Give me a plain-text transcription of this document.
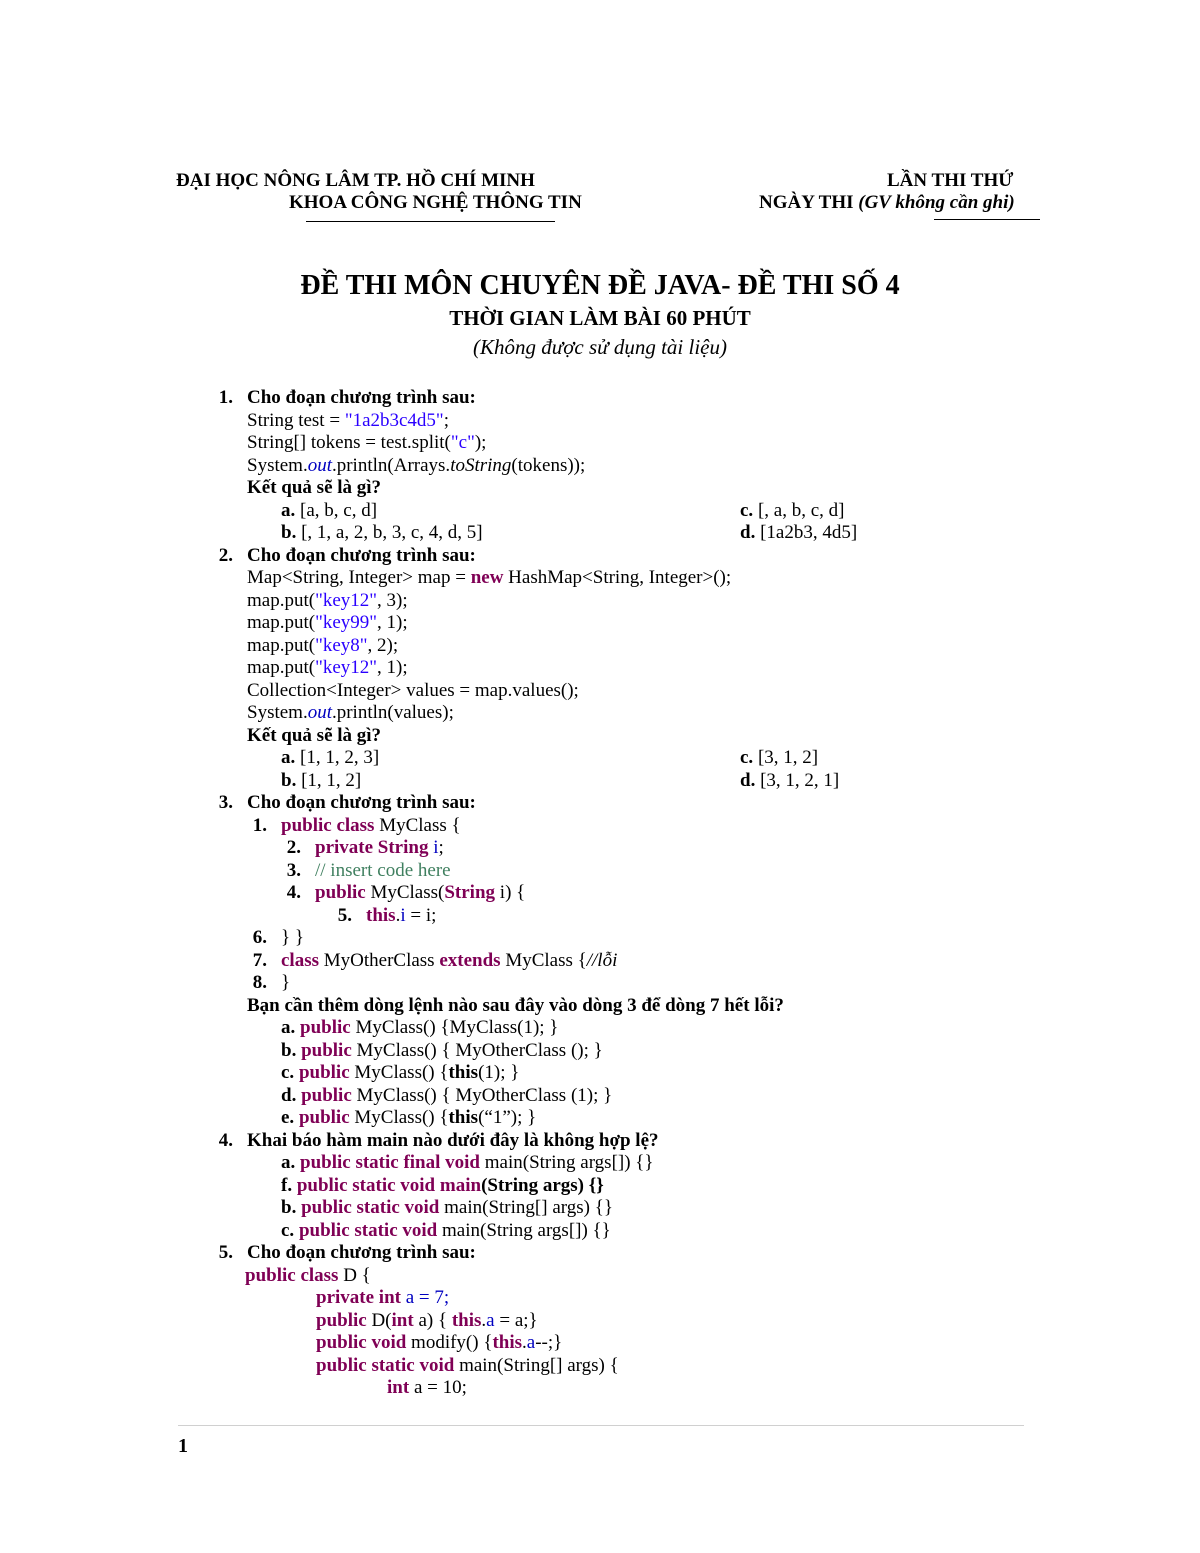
ĐẠI HỌC NÔNG LÂM TP. HỒ CHÍ MINH
KHOA CÔNG NGHỆ THÔNG TIN
LẦN THI THỨ
NGÀY THI (GV không cần ghi)
ĐỀ THI MÔN CHUYÊN ĐỀ JAVA- ĐỀ THI SỐ 4
THỜI GIAN LÀM BÀI 60 PHÚT
(Không được sử dụng tài liệu)
1. Cho đoạn chương trình sau:
String test = "1a2b3c4d5";
String[] tokens = test.split("c");
System.out.println(Arrays.toString(tokens));
Kết quả sẽ là gì?
a. [a, b, c, d]	c. [, a, b, c, d]
b. [, 1, a, 2, b, 3, c, 4, d, 5]	d. [1a2b3, 4d5]
2. Cho đoạn chương trình sau:
Map<String, Integer> map = new HashMap<String, Integer>();
map.put("key12", 3);
map.put("key99", 1);
map.put("key8", 2);
map.put("key12", 1);
Collection<Integer> values = map.values();
System.out.println(values);
Kết quả sẽ là gì?
a. [1, 1, 2, 3]	c. [3, 1, 2]
b. [1, 1, 2]	d. [3, 1, 2, 1]
3. Cho đoạn chương trình sau:
1. public class MyClass {
2. private String i;
3. // insert code here
4. public MyClass(String i) {
5. this.i = i;
6. } }
7. class MyOtherClass extends MyClass {//lỗi
8. }
Bạn cần thêm dòng lệnh nào sau đây vào dòng 3 để dòng 7 hết lỗi?
a. public MyClass() {MyClass(1); }
b. public MyClass() { MyOtherClass (); }
c. public MyClass() {this(1); }
d. public MyClass() { MyOtherClass (1); }
e. public MyClass() {this(“1”); }
4. Khai báo hàm main nào dưới đây là không hợp lệ?
a. public static final void main(String args[]) {}
f. public static void main(String args) {}
b. public static void main(String[] args) {}
c. public static void main(String args[]) {}
5. Cho đoạn chương trình sau:
public class D {
private int a = 7;
public D(int a) { this.a = a;}
public void modify() {this.a--;}
public static void main(String[] args) {
int a = 10;
1
